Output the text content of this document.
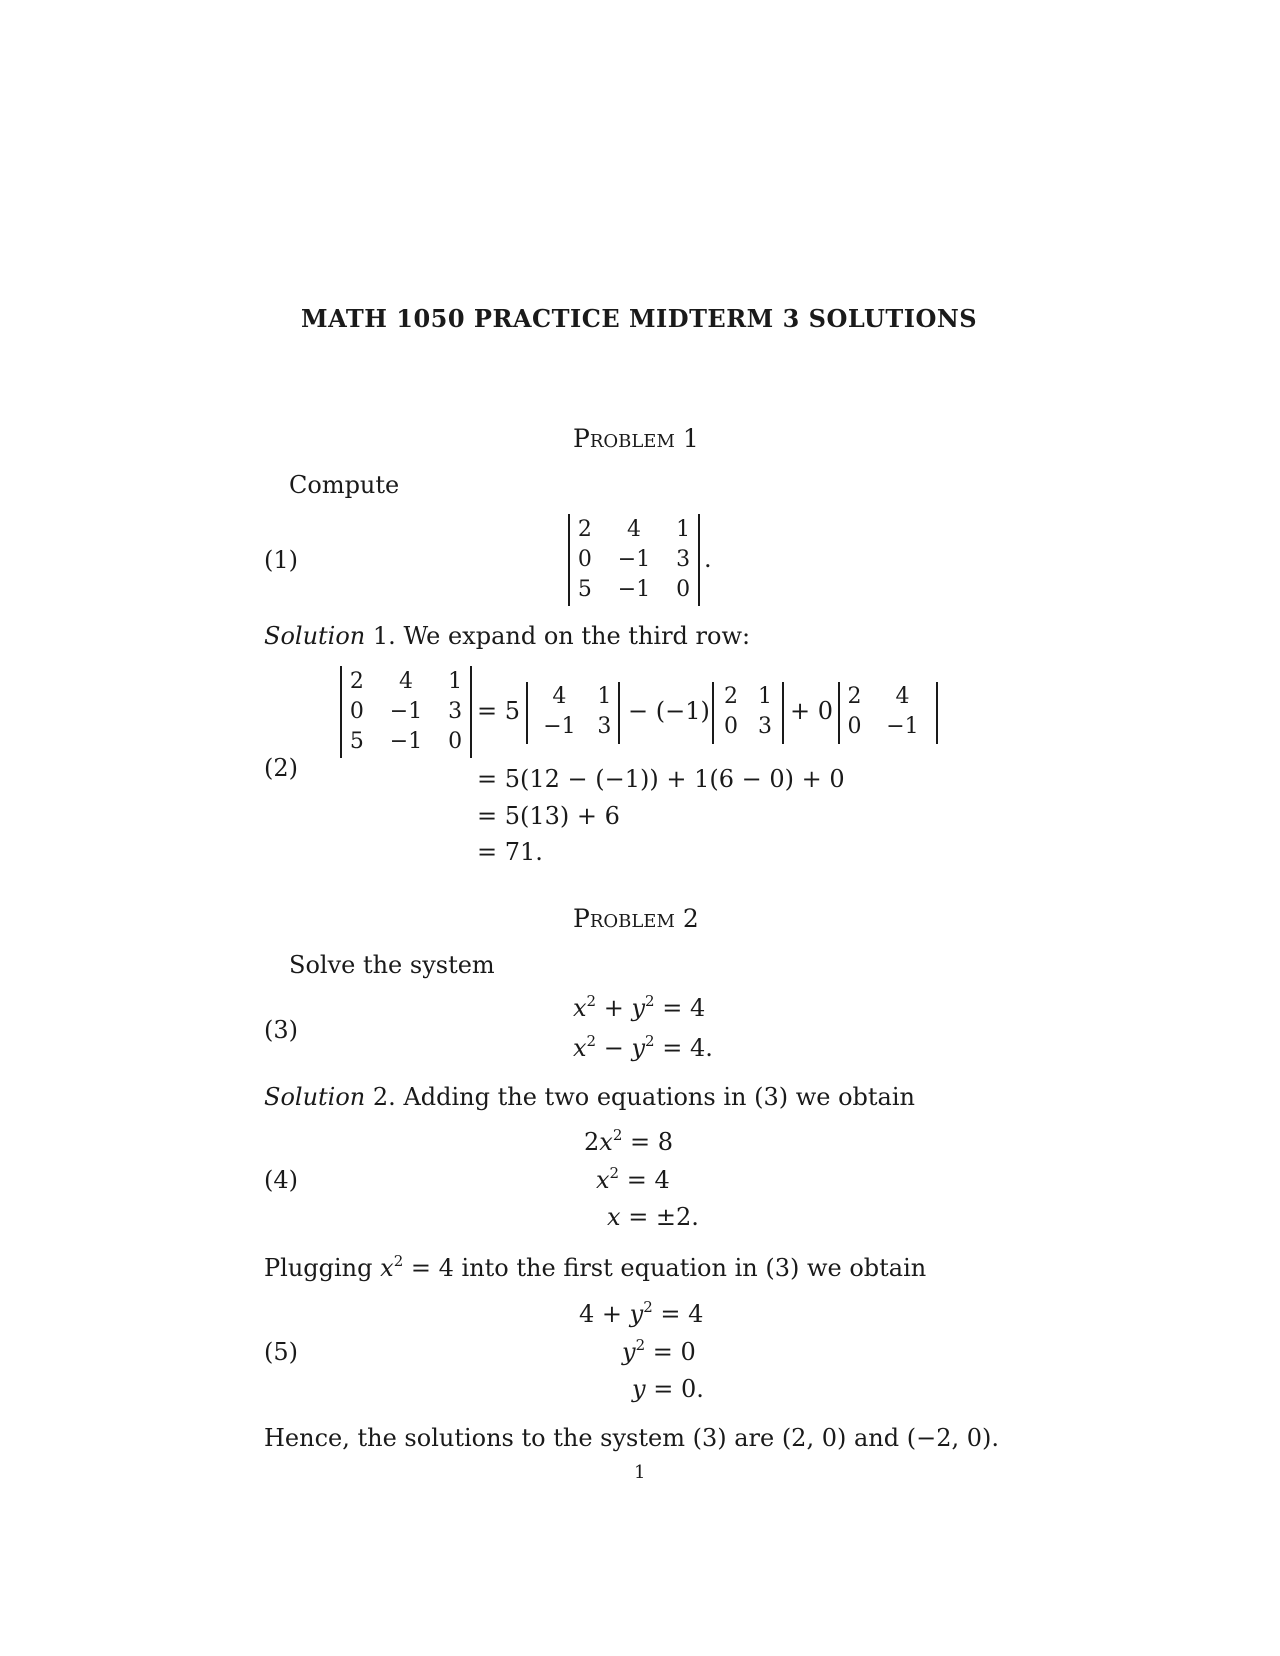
MATH 1050 PRACTICE MIDTERM 3 SOLUTIONS
Problem 1
Compute
(1)
2	4	1
0	−1	3
5	−1	0
.
Solution 1. We expand on the third row:
(2)
2	4	1
0	−1	3
5	−1	0
= 5
4	1
−1	3
− (−1)
2	1
0	3
+ 0
2	4
0	−1
= 5(12 − (−1)) + 1(6 − 0) + 0
= 5(13) + 6
= 71.
Problem 2
Solve the system
(3)
$x^2 + y^2 = 4$
$x^2 - y^2 = 4$.
Solution 2. Adding the two equations in (3) we obtain
(4)
$2x^2 = 8$
$x^2 = 4$
x = ±2.
Plugging $x^2 = 4$ into the first equation in (3) we obtain
(5)
$4 + y^2 = 4$
$y^2 = 0$
y = 0.
Hence, the solutions to the system (3) are (2, 0) and (−2, 0).
1
